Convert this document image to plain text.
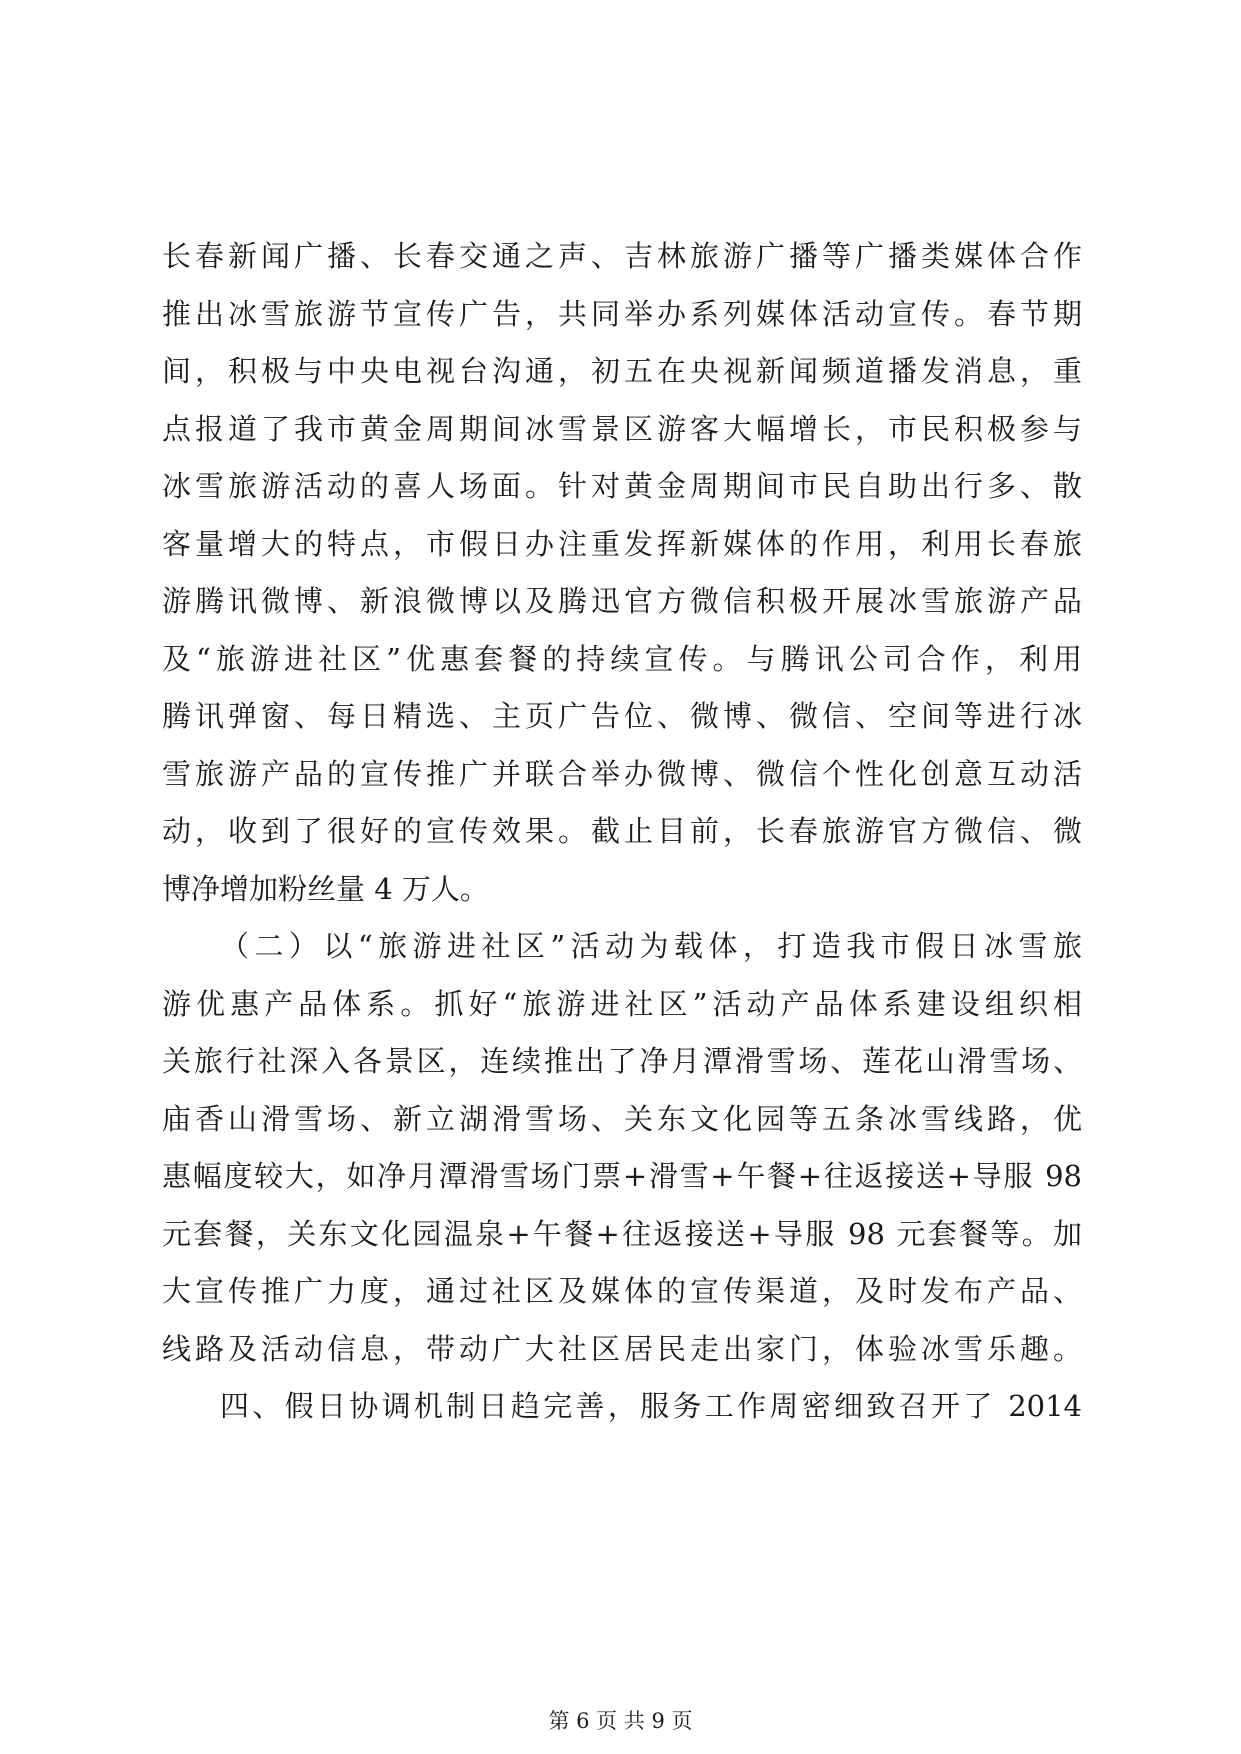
长春新闻广播、长春交通之声、吉林旅游广播等广播类媒体合作
推出冰雪旅游节宣传广告，共同举办系列媒体活动宣传。春节期
间，积极与中央电视台沟通，初五在央视新闻频道播发消息，重
点报道了我市黄金周期间冰雪景区游客大幅增长，市民积极参与
冰雪旅游活动的喜人场面。针对黄金周期间市民自助出行多、散
客量增大的特点，市假日办注重发挥新媒体的作用，利用长春旅
游腾讯微博、新浪微博以及腾迅官方微信积极开展冰雪旅游产品
及“旅游进社区”优惠套餐的持续宣传。与腾讯公司合作，利用
腾讯弹窗、每日精选、主页广告位、微博、微信、空间等进行冰
雪旅游产品的宣传推广并联合举办微博、微信个性化创意互动活
动，收到了很好的宣传效果。截止目前，长春旅游官方微信、微
博净增加粉丝量 4 万人。
（二）以“旅游进社区”活动为载体，打造我市假日冰雪旅
游优惠产品体系。抓好“旅游进社区”活动产品体系建设组织相
关旅行社深入各景区，连续推出了净月潭滑雪场、莲花山滑雪场、
庙香山滑雪场、新立湖滑雪场、关东文化园等五条冰雪线路，优
惠幅度较大，如净月潭滑雪场门票+滑雪+午餐+往返接送+导服 98
元套餐，关东文化园温泉+午餐+往返接送+导服 98 元套餐等。加
大宣传推广力度，通过社区及媒体的宣传渠道，及时发布产品、
线路及活动信息，带动广大社区居民走出家门，体验冰雪乐趣。
四、假日协调机制日趋完善，服务工作周密细致召开了 2014
第 6 页 共 9 页
